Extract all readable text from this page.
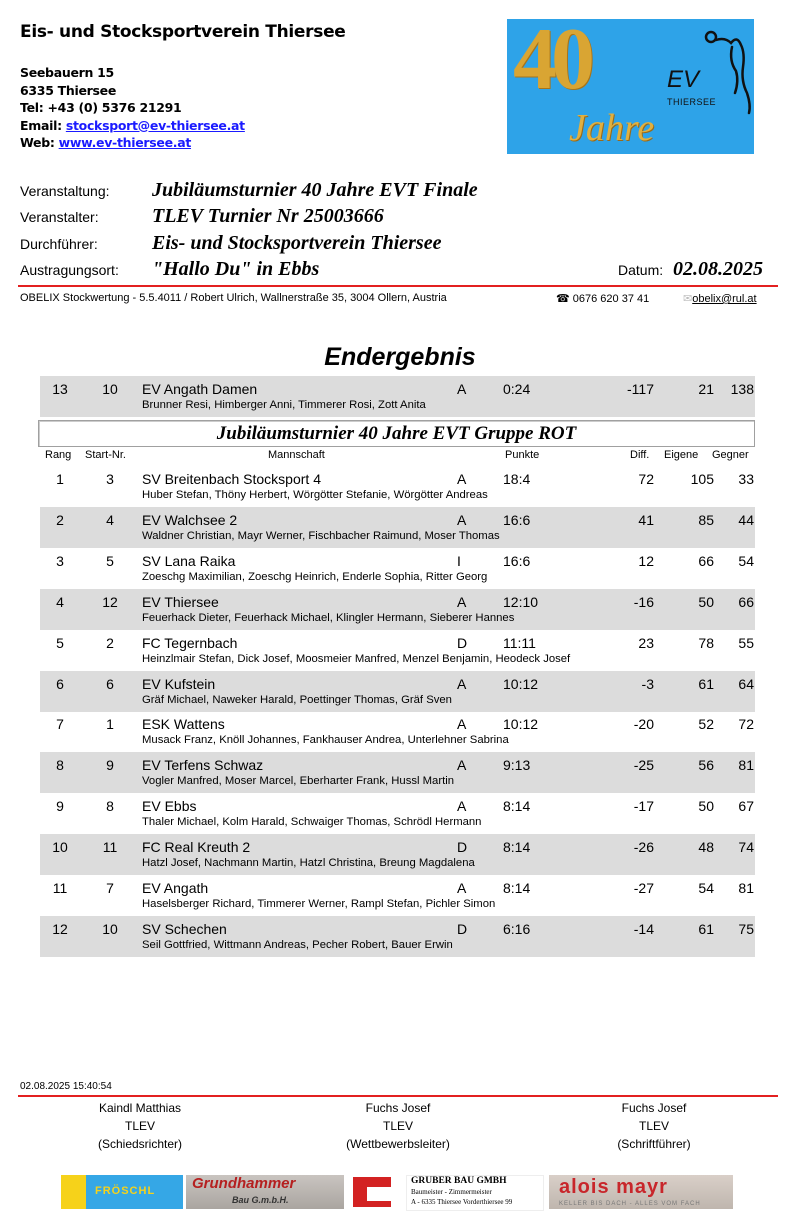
Eis- und Stocksportverein Thiersee
Seebauern 15
6335 Thiersee
Tel: +43 (0) 5376 21291
Email: stocksport@ev-thiersee.at
Web: www.ev-thiersee.at
40
Jahre
EV
THIERSEE
Veranstaltung: Jubiläumsturnier 40 Jahre EVT Finale
Veranstalter:	TLEV Turnier Nr 25003666
Durchführer:	Eis- und Stocksportverein Thiersee
Austragungsort: "Hallo Du" in Ebbs	Datum: 02.08.2025
OBELIX Stockwertung - 5.5.4011 / Robert Ulrich, Wallnerstraße 35, 3004 Ollern, Austria	☎ 0676 620 37 41	✉obelix@rul.at
Endergebnis
13	10	EV Angath Damen	A	0:24	-117	21	138
Brunner Resi, Himberger Anni, Timmerer Rosi, Zott Anita
Jubiläumsturnier 40 Jahre EVT Gruppe ROT
Rang Start-Nr.	Mannschaft	Punkte	Diff. Eigene Gegner
1	3	SV Breitenbach Stocksport 4	A	18:4	72	105	33
Huber Stefan, Thöny Herbert, Wörgötter Stefanie, Wörgötter Andreas
2	4	EV Walchsee 2	A	16:6	41	85	44
Waldner Christian, Mayr Werner, Fischbacher Raimund, Moser Thomas
3	5	SV Lana Raika	I	16:6	12	66	54
Zoeschg Maximilian, Zoeschg Heinrich, Enderle Sophia, Ritter Georg
4	12	EV Thiersee	A	12:10	-16	50	66
Feuerhack Dieter, Feuerhack Michael, Klingler Hermann, Sieberer Hannes
5	2	FC Tegernbach	D	11:11	23	78	55
Heinzlmair Stefan, Dick Josef, Moosmeier Manfred, Menzel Benjamin, Heodeck Josef
6	6	EV Kufstein	A	10:12	-3	61	64
Gräf Michael, Naweker Harald, Poettinger Thomas, Gräf Sven
7	1	ESK Wattens	A	10:12	-20	52	72
Musack Franz, Knöll Johannes, Fankhauser Andrea, Unterlehner Sabrina
8	9	EV Terfens Schwaz	A	9:13	-25	56	81
Vogler Manfred, Moser Marcel, Eberharter Frank, Hussl Martin
9	8	EV Ebbs	A	8:14	-17	50	67
Thaler Michael, Kolm Harald, Schwaiger Thomas, Schrödl Hermann
10	11	FC Real Kreuth 2	D	8:14	-26	48	74
Hatzl Josef, Nachmann Martin, Hatzl Christina, Breung Magdalena
11	7	EV Angath	A	8:14	-27	54	81
Haselsberger Richard, Timmerer Werner, Rampl Stefan, Pichler Simon
12	10	SV Schechen	D	6:16	-14	61	75
Seil Gottfried, Wittmann Andreas, Pecher Robert, Bauer Erwin
02.08.2025 15:40:54
Kaindl Matthias
TLEV
(Schiedsrichter)
Fuchs Josef
TLEV
(Wettbewerbsleiter)
Fuchs Josef
TLEV
(Schriftführer)
FRÖSCHL Grundhammer
Bau G.m.b.H.
GRUBER BAU GMBH
Baumeister - Zimmermeister
A - 6335 Thiersee Vorderthiersee 99
alois mayr
KELLER BIS DACH - ALLES VOM FACH
